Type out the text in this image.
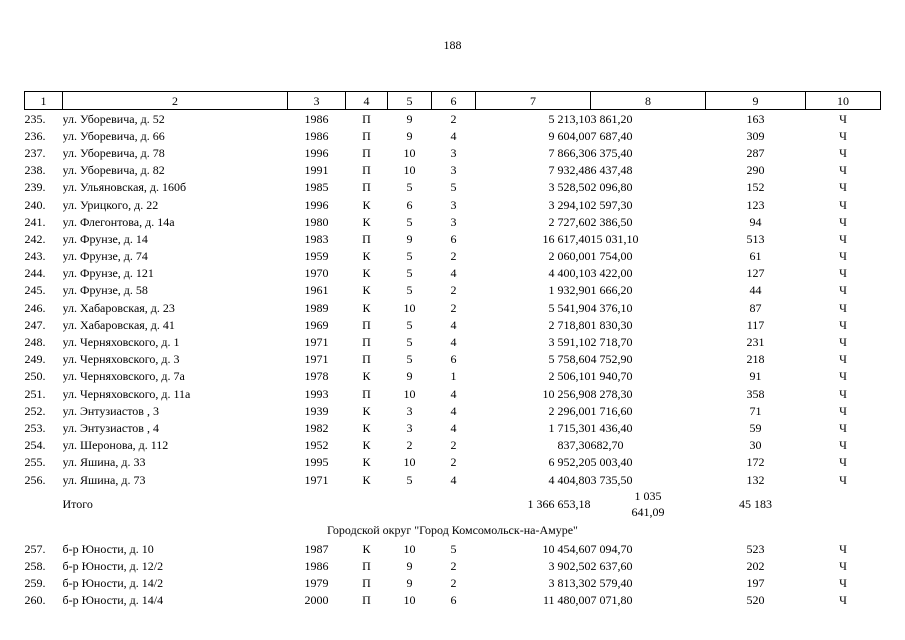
188
1	2	3	4	5	6	7	8	9	10
235.	ул. Уборевича, д. 52	1986	П	9	2	5 213,10	3 861,20	163	Ч
236.	ул. Уборевича, д. 66	1986	П	9	4	9 604,00	7 687,40	309	Ч
237.	ул. Уборевича, д. 78	1996	П	10	3	7 866,30	6 375,40	287	Ч
238.	ул. Уборевича, д. 82	1991	П	10	3	7 932,48	6 437,48	290	Ч
239.	ул. Ульяновская, д. 160б	1985	П	5	5	3 528,50	2 096,80	152	Ч
240.	ул. Урицкого, д. 22	1996	К	6	3	3 294,10	2 597,30	123	Ч
241.	ул. Флегонтова, д. 14а	1980	К	5	3	2 727,60	2 386,50	94	Ч
242.	ул. Фрунзе, д. 14	1983	П	9	6	16 617,40	15 031,10	513	Ч
243.	ул. Фрунзе, д. 74	1959	К	5	2	2 060,00	1 754,00	61	Ч
244.	ул. Фрунзе, д. 121	1970	К	5	4	4 400,10	3 422,00	127	Ч
245.	ул. Фрунзе, д. 58	1961	К	5	2	1 932,90	1 666,20	44	Ч
246.	ул. Хабаровская, д. 23	1989	К	10	2	5 541,90	4 376,10	87	Ч
247.	ул. Хабаровская, д. 41	1969	П	5	4	2 718,80	1 830,30	117	Ч
248.	ул. Черняховского, д. 1	1971	П	5	4	3 591,10	2 718,70	231	Ч
249.	ул. Черняховского, д. 3	1971	П	5	6	5 758,60	4 752,90	218	Ч
250.	ул. Черняховского, д. 7а	1978	К	9	1	2 506,10	1 940,70	91	Ч
251.	ул. Черняховского, д. 11а	1993	П	10	4	10 256,90	8 278,30	358	Ч
252.	ул. Энтузиастов , 3	1939	К	3	4	2 296,00	1 716,60	71	Ч
253.	ул. Энтузиастов , 4	1982	К	3	4	1 715,30	1 436,40	59	Ч
254.	ул. Шеронова, д. 112	1952	К	2	2	837,30	682,70	30	Ч
255.	ул. Яшина, д. 33	1995	К	10	2	6 952,20	5 003,40	172	Ч
256.	ул. Яшина, д. 73	1971	К	5	4	4 404,80	3 735,50	132	Ч
	Итого					1 366 653,18	1 035
641,09	45 183	
Городской округ "Город Комсомольск-на-Амуре"									
257.	б-р Юности, д. 10	1987	К	10	5	10 454,60	7 094,70	523	Ч
258.	б-р Юности, д. 12/2	1986	П	9	2	3 902,50	2 637,60	202	Ч
259.	б-р Юности, д. 14/2	1979	П	9	2	3 813,30	2 579,40	197	Ч
260.	б-р Юности, д. 14/4	2000	П	10	6	11 480,00	7 071,80	520	Ч
